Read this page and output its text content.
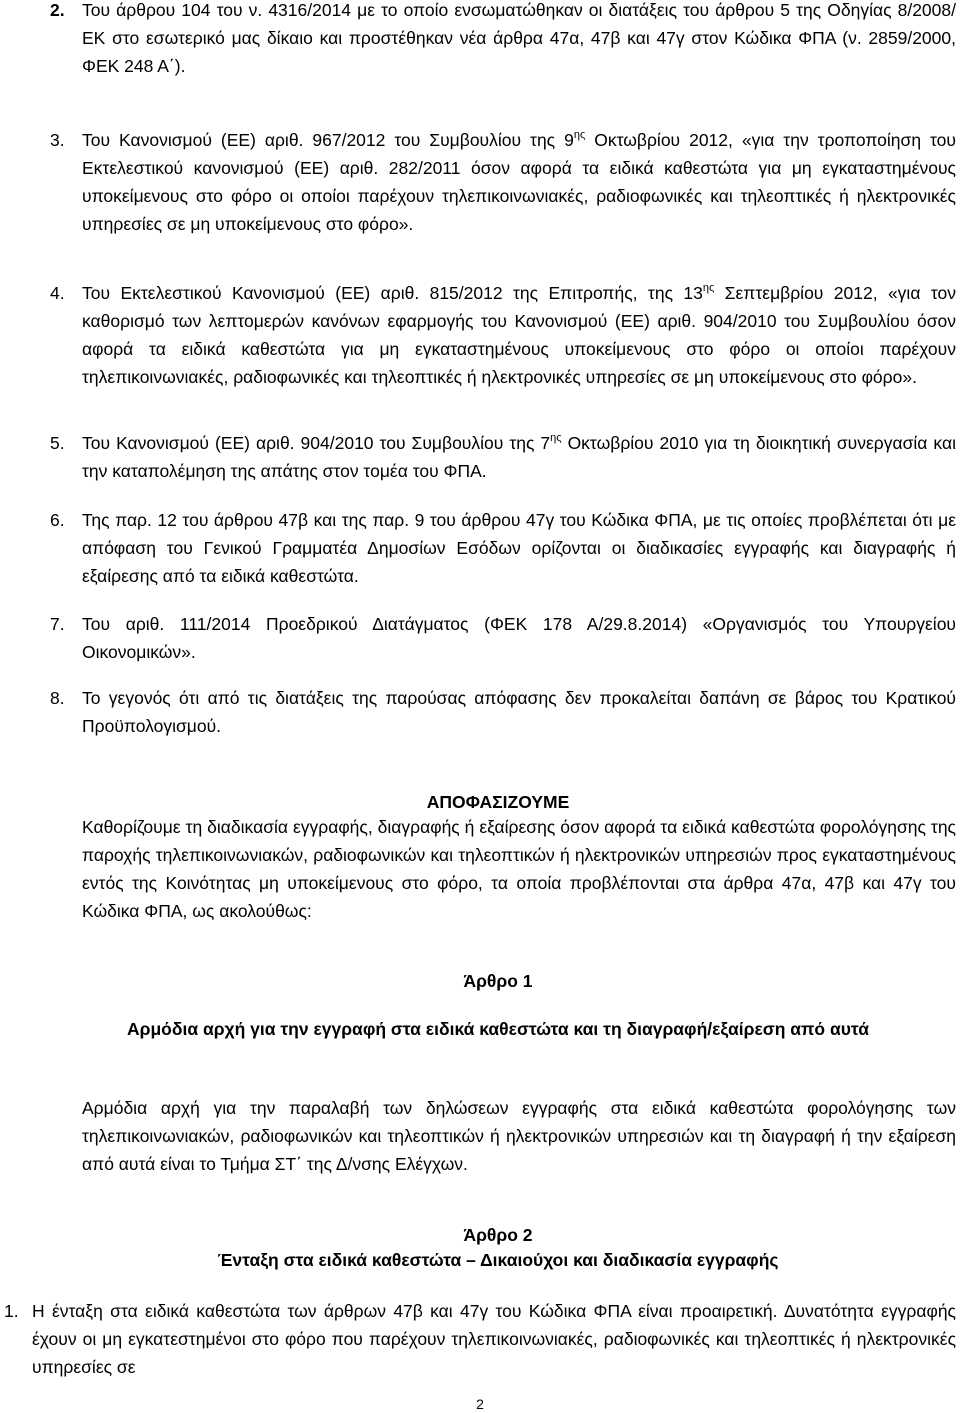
2. Του άρθρου 104 του ν. 4316/2014 με το οποίο ενσωματώθηκαν οι διατάξεις του άρθρου 5 της Οδηγίας 8/2008/ΕΚ στο εσωτερικό μας δίκαιο και προστέθηκαν νέα άρθρα 47α, 47β και 47γ στον Κώδικα ΦΠΑ (ν. 2859/2000, ΦΕΚ 248 Α΄).

3. Του Κανονισμού (ΕΕ) αριθ. 967/2012 του Συμβουλίου της $9^{\eta\varsigma}$ Οκτωβρίου 2012, «για την τροποποίηση του Εκτελεστικού κανονισμού (ΕΕ) αριθ. 282/2011 όσον αφορά τα ειδικά καθεστώτα για μη εγκαταστημένους υποκείμενους στο φόρο οι οποίοι παρέχουν τηλεπικοινωνιακές, ραδιοφωνικές και τηλεοπτικές ή ηλεκτρονικές υπηρεσίες σε μη υποκείμενους στο φόρο».

4. Του Εκτελεστικού Κανονισμού (ΕΕ) αριθ. 815/2012 της Επιτροπής, της $13^{\eta\varsigma}$ Σεπτεμβρίου 2012, «για τον καθορισμό των λεπτομερών κανόνων εφαρμογής του Κανονισμού (ΕΕ) αριθ. 904/2010 του Συμβουλίου όσον αφορά τα ειδικά καθεστώτα για μη εγκαταστημένους υποκείμενους στο φόρο οι οποίοι παρέχουν τηλεπικοινωνιακές, ραδιοφωνικές και τηλεοπτικές ή ηλεκτρονικές υπηρεσίες σε μη υποκείμενους στο φόρο».

5. Του Κανονισμού (ΕΕ) αριθ. 904/2010 του Συμβουλίου της $7^{\eta\varsigma}$ Οκτωβρίου 2010 για τη διοικητική συνεργασία και την καταπολέμηση της απάτης στον τομέα του ΦΠΑ.

6. Της παρ. 12 του άρθρου 47β και της παρ. 9 του άρθρου 47γ του Κώδικα ΦΠΑ, με τις οποίες προβλέπεται ότι με απόφαση του Γενικού Γραμματέα Δημοσίων Εσόδων ορίζονται οι διαδικασίες εγγραφής και διαγραφής ή εξαίρεσης από τα ειδικά καθεστώτα.

7. Του αριθ. 111/2014 Προεδρικού Διατάγματος (ΦΕΚ 178 Α/29.8.2014) «Οργανισμός του Υπουργείου Οικονομικών».

8. Το γεγονός ότι από τις διατάξεις της παρούσας απόφασης δεν προκαλείται δαπάνη σε βάρος του Κρατικού Προϋπολογισμού.

ΑΠΟΦΑΣΙΖΟΥΜΕ

Καθορίζουμε τη διαδικασία εγγραφής, διαγραφής ή εξαίρεσης όσον αφορά τα ειδικά καθεστώτα φορολόγησης της παροχής τηλεπικοινωνιακών, ραδιοφωνικών και τηλεοπτικών ή ηλεκτρονικών υπηρεσιών προς εγκαταστημένους εντός της Κοινότητας μη υποκείμενους στο φόρο, τα οποία προβλέπονται στα άρθρα 47α, 47β και 47γ του Κώδικα ΦΠΑ, ως ακολούθως:

Άρθρο 1
Αρμόδια αρχή για την εγγραφή στα ειδικά καθεστώτα και τη διαγραφή/εξαίρεση από αυτά

Αρμόδια αρχή για την παραλαβή των δηλώσεων εγγραφής στα ειδικά καθεστώτα φορολόγησης των τηλεπικοινωνιακών, ραδιοφωνικών και τηλεοπτικών ή ηλεκτρονικών υπηρεσιών και τη διαγραφή ή την εξαίρεση από αυτά είναι το Τμήμα ΣΤ΄ της Δ/νσης Ελέγχων.

Άρθρο 2
Ένταξη στα ειδικά καθεστώτα – Δικαιούχοι και διαδικασία εγγραφής
1. Η ένταξη στα ειδικά καθεστώτα των άρθρων 47β και 47γ του Κώδικα ΦΠΑ είναι προαιρετική. Δυνατότητα εγγραφής έχουν οι μη εγκατεστημένοι στο φόρο που παρέχουν τηλεπικοινωνιακές, ραδιοφωνικές και τηλεοπτικές ή ηλεκτρονικές υπηρεσίες σε

2
